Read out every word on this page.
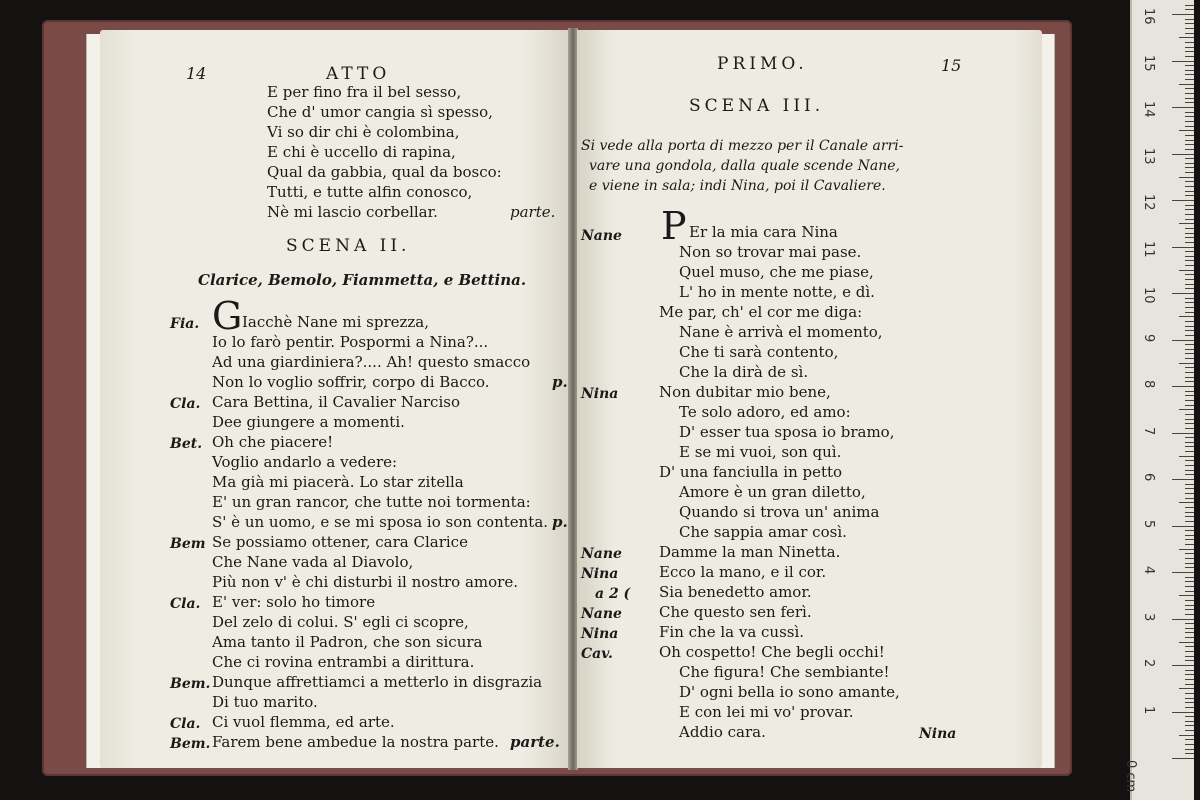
14	ATTO
E per fino fra il bel sesso,
Che d' umor cangia sì spesso,
Vi so dir chi è colombina,
E chi è uccello di rapina,
Qual da gabbia, qual da bosco:
Tutti, e tutte alfin conosco,
Nè mi lascio corbellar.	parte.
SCENA II.
Clarice, Bemolo, Fiammetta, e Bettina.
Fia. G Iacchè Nane mi sprezza,
Io lo farò pentir. Pospormi a Nina?...
Ad una giardiniera?.... Ah! questo smacco
Non lo voglio soffrir, corpo di Bacco.	p.
Cla. Cara Bettina, il Cavalier Narciso
Dee giungere a momenti.
Bet. Oh che piacere!
Voglio andarlo a vedere:
Ma già mi piacerà. Lo star zitella
E' un gran rancor, che tutte noi tormenta:
S' è un uomo, e se mi sposa io son contenta. p.
Bem Se possiamo ottener, cara Clarice
Che Nane vada al Diavolo,
Più non v' è chi disturbi il nostro amore.
Cla. E' ver: solo ho timore
Del zelo di colui. S' egli ci scopre,
Ama tanto il Padron, che son sicura
Che ci rovina entrambi a dirittura.
Bem. Dunque affrettiamci a metterlo in disgrazia
Di tuo marito.
Cla. Ci vuol flemma, ed arte.
Bem. Farem bene ambedue la nostra parte. parte.
PRIMO.	15
SCENA III.
Si vede alla porta di mezzo per il Canale arri-
vare una gondola, dalla quale scende Nane,
e viene in sala; indi Nina, poi il Cavaliere.
Nane P Er la mia cara Nina
Non so trovar mai pase.
Quel muso, che me piase,
L' ho in mente notte, e dì.
Me par, ch' el cor me diga:
Nane è arrivà el momento,
Che ti sarà contento,
Che la dirà de sì.
Nina	Non dubitar mio bene,
Te solo adoro, ed amo:
D' esser tua sposa io bramo,
E se mi vuoi, son quì.
D' una fanciulla in petto
Amore è un gran diletto,
Quando si trova un' anima
Che sappia amar così.
Nane Damme la man Ninetta.
Nina	Ecco la mano, e il cor.
a 2 ( Sia benedetto amor.
Nane Che questo sen ferì.
Nina	Fin che la va cussì.
Cav.	Oh cospetto! Che begli occhi!
Che figura! Che sembiante!
D' ogni bella io sono amante,
E con lei mi vo' provar.
Addio cara.	Nina
0 cm
1
2
3
4
5
6
7
8
9
10
11
12
13
14
15
16
